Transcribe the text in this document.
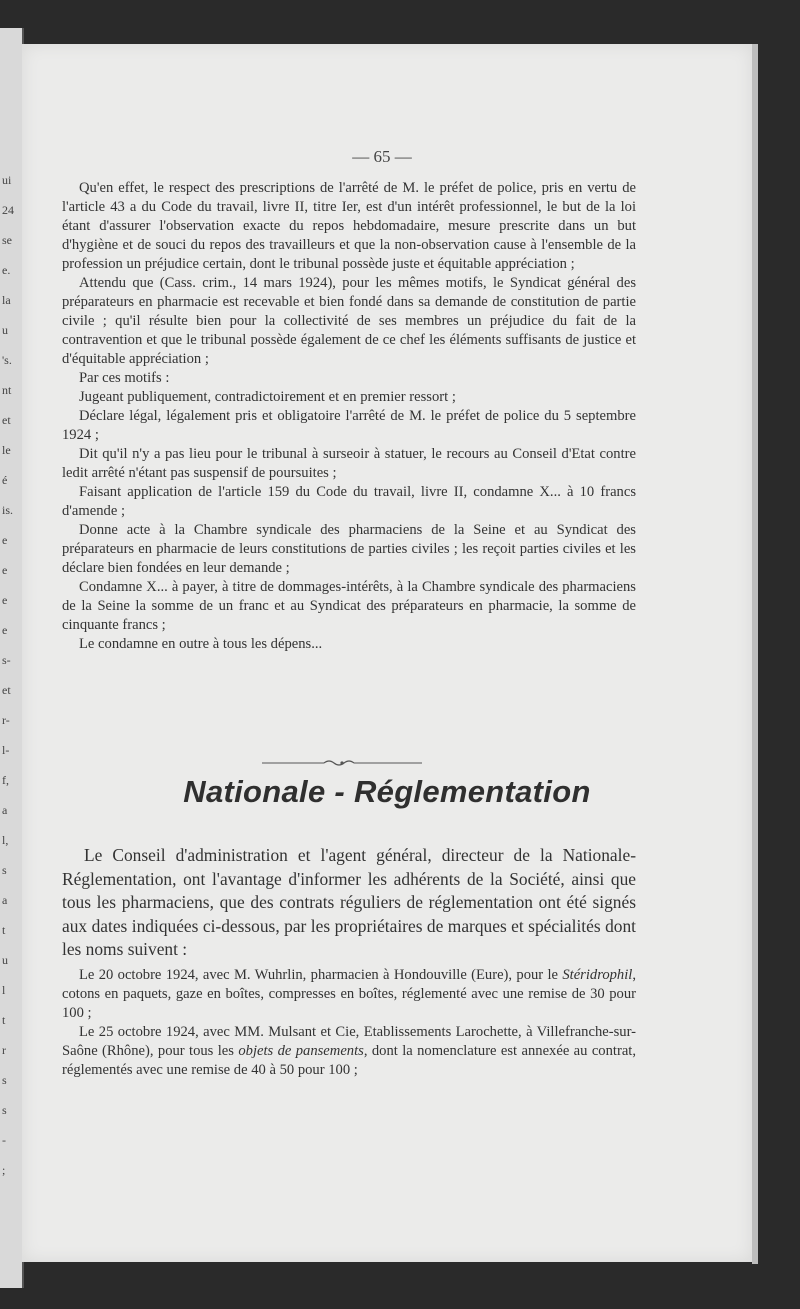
ui
24
se
e.
la
u
's.
nt
et
le
é
is.
e
e
e
e
s-
et
r-
l-
f,
a
l,
s
a
t
u
l
t
r
s
s
-
;
— 65 —

Qu'en effet, le respect des prescriptions de l'arrêté de M. le préfet de police, pris en vertu de l'article 43 a du Code du travail, livre II, titre Ier, est d'un intérêt professionnel, le but de la loi étant d'assurer l'observation exacte du repos hebdomadaire, mesure prescrite dans un but d'hygiène et de souci du repos des travailleurs et que la non-observation cause à l'ensemble de la profession un préjudice certain, dont le tribunal possède juste et équitable appréciation ;

Attendu que (Cass. crim., 14 mars 1924), pour les mêmes motifs, le Syndicat général des préparateurs en pharmacie est recevable et bien fondé dans sa demande de constitution de partie civile ; qu'il résulte bien pour la collectivité de ses membres un préjudice du fait de la contravention et que le tribunal possède également de ce chef les éléments suffisants de justice et d'équitable appréciation ;

Par ces motifs :

Jugeant publiquement, contradictoirement et en premier ressort ;

Déclare légal, légalement pris et obligatoire l'arrêté de M. le préfet de police du 5 septembre 1924 ;

Dit qu'il n'y a pas lieu pour le tribunal à surseoir à statuer, le recours au Conseil d'Etat contre ledit arrêté n'étant pas suspensif de poursuites ;

Faisant application de l'article 159 du Code du travail, livre II, condamne X... à 10 francs d'amende ;

Donne acte à la Chambre syndicale des pharmaciens de la Seine et au Syndicat des préparateurs en pharmacie de leurs constitutions de parties civiles ; les reçoit parties civiles et les déclare bien fondées en leur demande ;

Condamne X... à payer, à titre de dommages-intérêts, à la Chambre syndicale des pharmaciens de la Seine la somme de un franc et au Syndicat des préparateurs en pharmacie, la somme de cinquante francs ;

Le condamne en outre à tous les dépens...

Nationale - Réglementation
Le Conseil d'administration et l'agent général, directeur de la Nationale-Réglementation, ont l'avantage d'informer les adhérents de la Société, ainsi que tous les pharmaciens, que des contrats réguliers de réglementation ont été signés aux dates indiquées ci-dessous, par les propriétaires de marques et spécialités dont les noms suivent :

Le 20 octobre 1924, avec M. Wuhrlin, pharmacien à Hondouville (Eure), pour le Stéridrophil, cotons en paquets, gaze en boîtes, compresses en boîtes, réglementé avec une remise de 30 pour 100 ;

Le 25 octobre 1924, avec MM. Mulsant et Cie, Etablissements Larochette, à Villefranche-sur-Saône (Rhône), pour tous les objets de pansements, dont la nomenclature est annexée au contrat, réglementés avec une remise de 40 à 50 pour 100 ;
